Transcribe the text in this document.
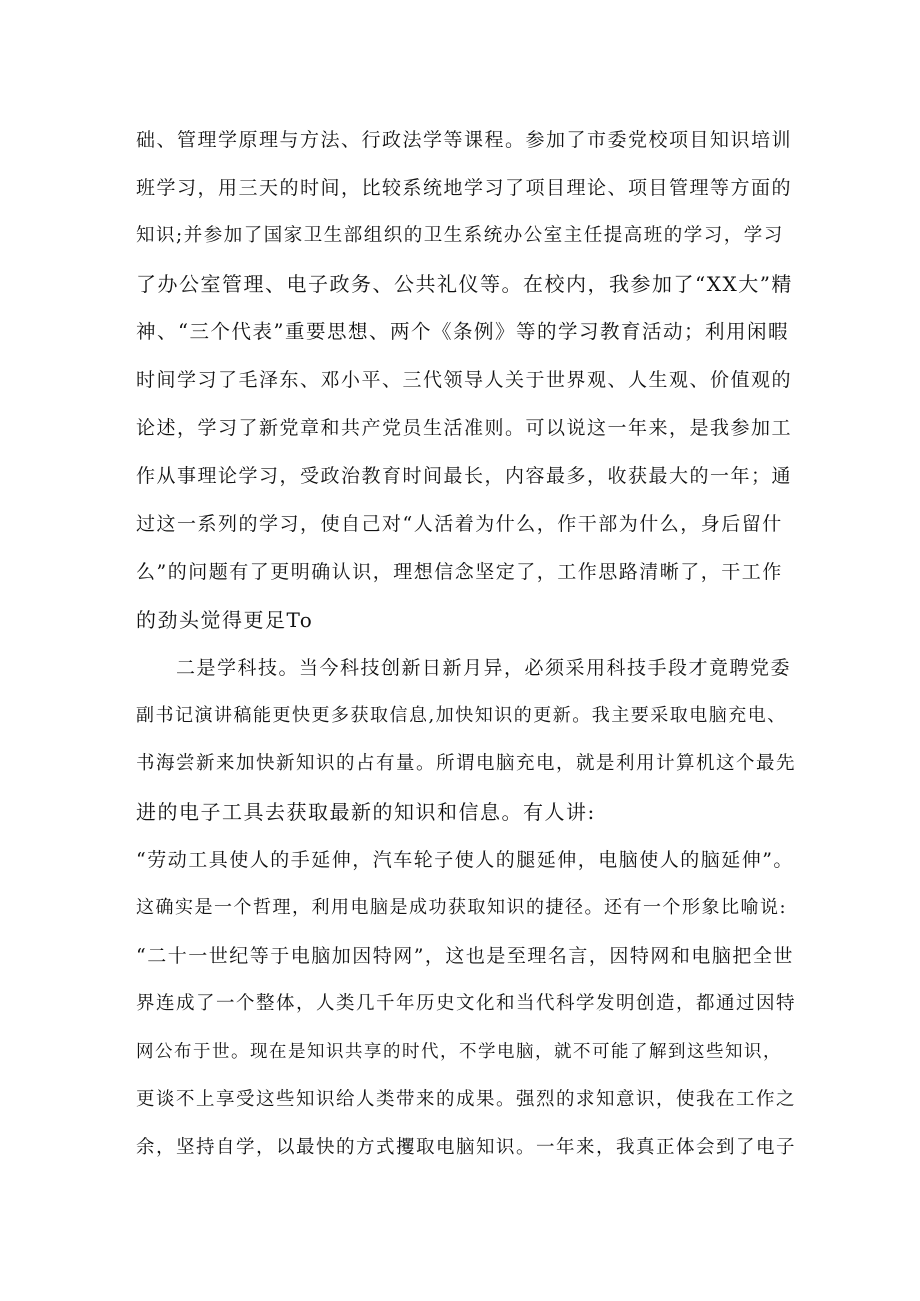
础、管理学原理与方法、行政法学等课程。参加了市委党校项目知识培训
班学习，用三天的时间，比较系统地学习了项目理论、项目管理等方面的
知识;并参加了国家卫生部组织的卫生系统办公室主任提高班的学习，学习
了办公室管理、电子政务、公共礼仪等。在校内，我参加了“XX大”精
神、“三个代表”重要思想、两个《条例》等的学习教育活动；利用闲暇
时间学习了毛泽东、邓小平、三代领导人关于世界观、人生观、价值观的
论述，学习了新党章和共产党员生活准则。可以说这一年来，是我参加工
作从事理论学习，受政治教育时间最长，内容最多，收获最大的一年；通
过这一系列的学习，使自己对“人活着为什么，作干部为什么，身后留什
么”的问题有了更明确认识，理想信念坚定了，工作思路清晰了，干工作
的劲头觉得更足To
二是学科技。当今科技创新日新月异，必须采用科技手段才竟聘党委
副书记演讲稿能更快更多获取信息,加快知识的更新。我主要采取电脑充电、
书海尝新来加快新知识的占有量。所谓电脑充电，就是利用计算机这个最先
进的电子工具去获取最新的知识和信息。有人讲:
“劳动工具使人的手延伸，汽车轮子使人的腿延伸，电脑使人的脑延伸”。
这确实是一个哲理，利用电脑是成功获取知识的捷径。还有一个形象比喻说:
“二十一世纪等于电脑加因特网”，这也是至理名言，因特网和电脑把全世
界连成了一个整体，人类几千年历史文化和当代科学发明创造，都通过因特
网公布于世。现在是知识共享的时代，不学电脑，就不可能了解到这些知识，
更谈不上享受这些知识给人类带来的成果。强烈的求知意识，使我在工作之
余，坚持自学，以最快的方式攫取电脑知识。一年来，我真正体会到了电子
